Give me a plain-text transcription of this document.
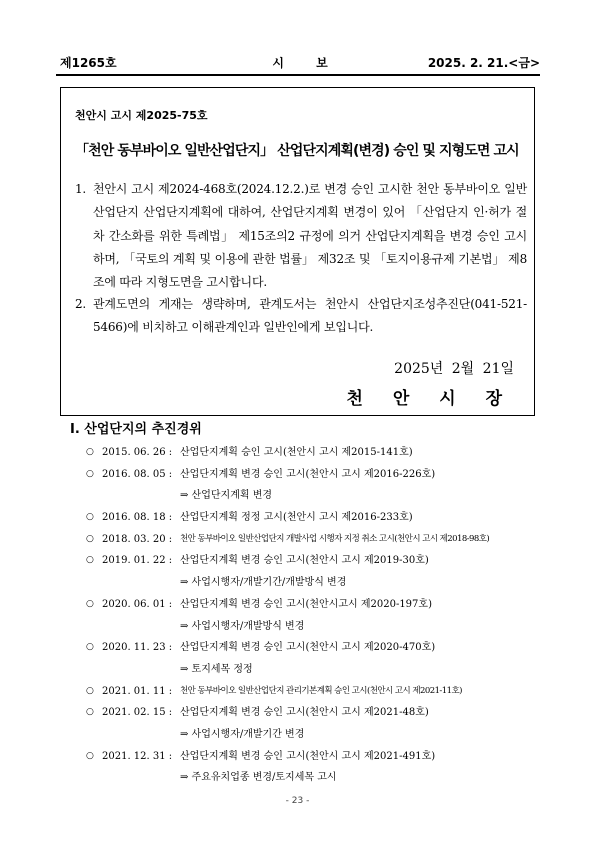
제1265호	시 보	2025. 2. 21.<금>
천안시 고시 제2025-75호
「천안 동부바이오 일반산업단지」 산업단지계획(변경) 승인 및 지형도면 고시
1. 천안시 고시 제2024-468호(2024.12.2.)로 변경 승인 고시한 천안 동부바이오 일반산업단지 산업단지계획에 대하여, 산업단지계획 변경이 있어 「산업단지 인·허가 절차 간소화를 위한 특례법」 제15조의2 규정에 의거 산업단지계획을 변경 승인 고시하며, 「국토의 계획 및 이용에 관한 법률」 제32조 및 「토지이용규제 기본법」 제8조에 따라 지형도면을 고시합니다.
2. 관계도면의 게재는 생략하며, 관계도서는 천안시 산업단지조성추진단(041-521-5466)에 비치하고 이해관계인과 일반인에게 보입니다.
2025년 2월 21일
천 안 시 장
Ⅰ. 산업단지의 추진경위
○ 2015. 06. 26 : 산업단지계획 승인 고시(천안시 고시 제2015-141호)
○ 2016. 08. 05 : 산업단지계획 변경 승인 고시(천안시 고시 제2016-226호)
⇒ 산업단지계획 변경
○ 2016. 08. 18 : 산업단지계획 정정 고시(천안시 고시 제2016-233호)
○ 2018. 03. 20 : 천안 동부바이오 일반산업단지 개발사업 시행자 지정 취소 고시(천안시 고시 제2018-98호)
○ 2019. 01. 22 : 산업단지계획 변경 승인 고시(천안시 고시 제2019-30호)
⇒ 사업시행자/개발기간/개발방식 변경
○ 2020. 06. 01 : 산업단지계획 변경 승인 고시(천안시고시 제2020-197호)
⇒ 사업시행자/개발방식 변경
○ 2020. 11. 23 : 산업단지계획 변경 승인 고시(천안시 고시 제2020-470호)
⇒ 토지세목 정정
○ 2021. 01. 11 : 천안 동부바이오 일반산업단지 관리기본계획 승인 고시(천안시 고시 제2021-11호)
○ 2021. 02. 15 : 산업단지계획 변경 승인 고시(천안시 고시 제2021-48호)
⇒ 사업시행자/개발기간 변경
○ 2021. 12. 31 : 산업단지계획 변경 승인 고시(천안시 고시 제2021-491호)
⇒ 주요유치업종 변경/토지세목 고시
- 23 -
